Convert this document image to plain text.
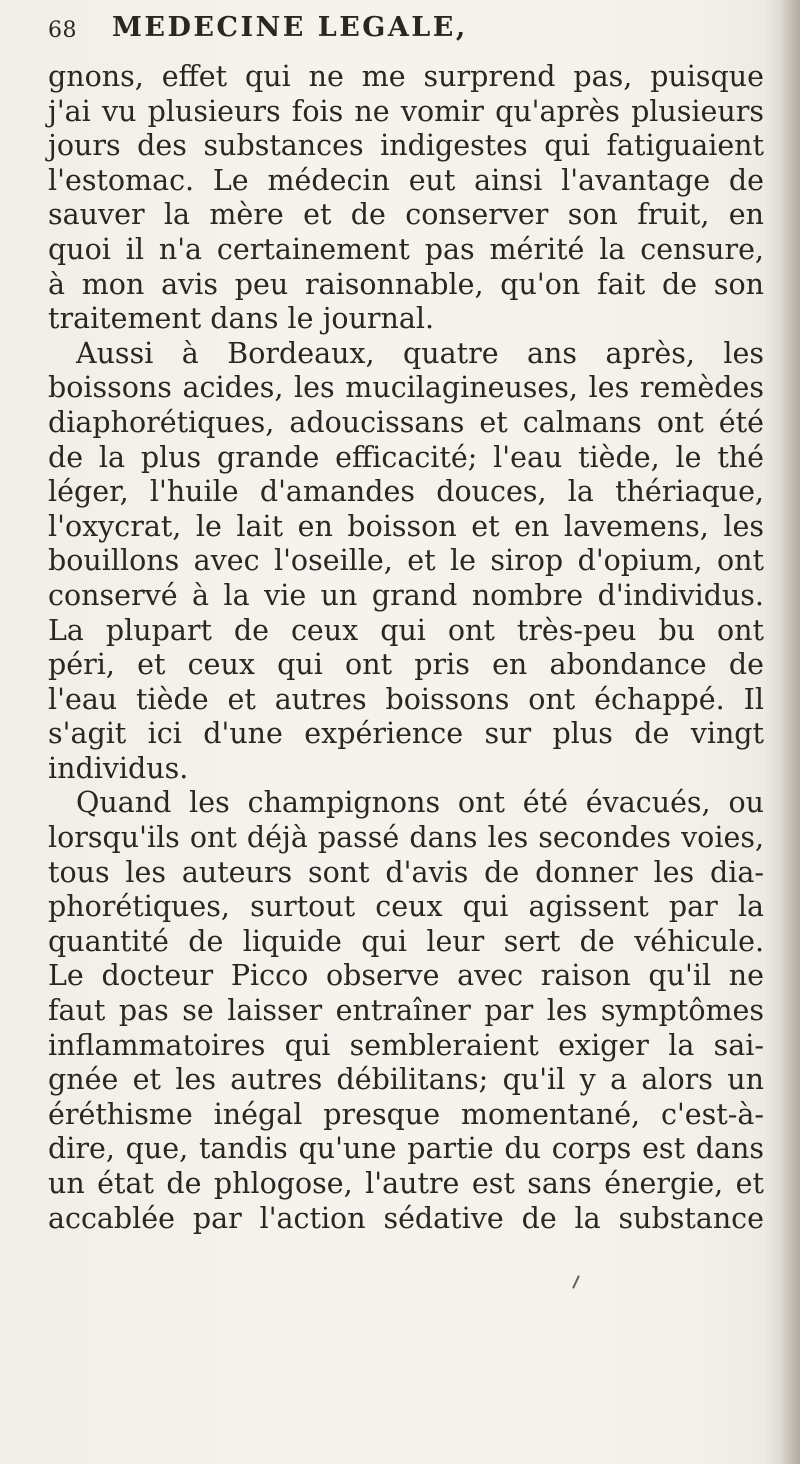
68 MEDECINE LEGALE,
gnons, effet qui ne me surprend pas, puisque
j'ai vu plusieurs fois ne vomir qu'après plusieurs
jours des substances indigestes qui fatiguaient
l'estomac. Le médecin eut ainsi l'avantage de
sauver la mère et de conserver son fruit, en
quoi il n'a certainement pas mérité la censure,
à mon avis peu raisonnable, qu'on fait de son
traitement dans le journal.
Aussi à Bordeaux, quatre ans après, les
boissons acides, les mucilagineuses, les remèdes
diaphorétiques, adoucissans et calmans ont été
de la plus grande efficacité; l'eau tiède, le thé
léger, l'huile d'amandes douces, la thériaque,
l'oxycrat, le lait en boisson et en lavemens, les
bouillons avec l'oseille, et le sirop d'opium, ont
conservé à la vie un grand nombre d'individus.
La plupart de ceux qui ont très-peu bu ont
péri, et ceux qui ont pris en abondance de
l'eau tiède et autres boissons ont échappé. Il
s'agit ici d'une expérience sur plus de vingt
individus.
Quand les champignons ont été évacués, ou
lorsqu'ils ont déjà passé dans les secondes voies,
tous les auteurs sont d'avis de donner les dia-
phorétiques, surtout ceux qui agissent par la
quantité de liquide qui leur sert de véhicule.
Le docteur Picco observe avec raison qu'il ne
faut pas se laisser entraîner par les symptômes
inflammatoires qui sembleraient exiger la sai-
gnée et les autres débilitans; qu'il y a alors un
éréthisme inégal presque momentané, c'est-à-
dire, que, tandis qu'une partie du corps est dans
un état de phlogose, l'autre est sans énergie, et
accablée par l'action sédative de la substance
